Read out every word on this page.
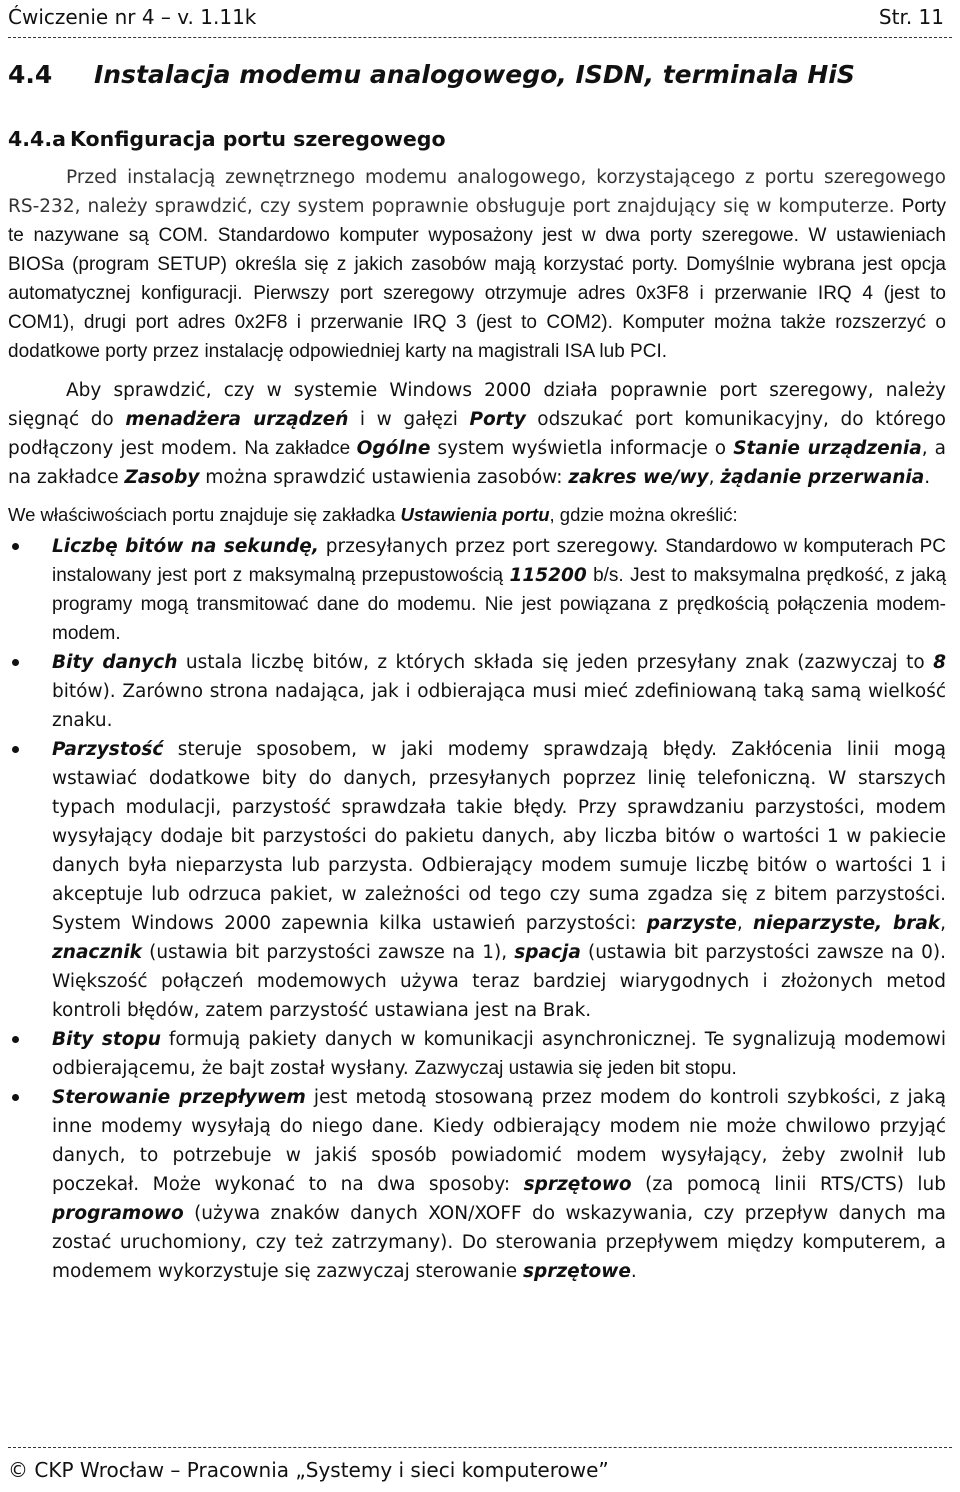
Ćwiczenie nr 4 – v. 1.11k	Str. 11
4.4 Instalacja modemu analogowego, ISDN, terminala HiS
4.4.a Konfiguracja portu szeregowego

Przed instalacją zewnętrznego modemu analogowego, korzystającego z portu szeregowego RS-232, należy sprawdzić, czy system poprawnie obsługuje port znajdujący się w komputerze. Porty te nazywane są COM. Standardowo komputer wyposażony jest w dwa porty szeregowe. W ustawieniach BIOSa (program SETUP) określa się z jakich zasobów mają korzystać porty. Domyślnie wybrana jest opcja automatycznej konfiguracji. Pierwszy port szeregowy otrzymuje adres 0x3F8 i przerwanie IRQ 4 (jest to COM1), drugi port adres 0x2F8 i przerwanie IRQ 3 (jest to COM2). Komputer można także rozszerzyć o dodatkowe porty przez instalację odpowiedniej karty na magistrali ISA lub PCI.

Aby sprawdzić, czy w systemie Windows 2000 działa poprawnie port szeregowy, należy sięgnąć do menadżera urządzeń i w gałęzi Porty odszukać port komunikacyjny, do którego podłączony jest modem. Na zakładce Ogólne system wyświetla informacje o Stanie urządzenia, a na zakładce Zasoby można sprawdzić ustawienia zasobów: zakres we/wy, żądanie przerwania.

We właściwościach portu znajduje się zakładka Ustawienia portu, gdzie można określić:

Liczbę bitów na sekundę, przesyłanych przez port szeregowy. Standardowo w komputerach PC instalowany jest port z maksymalną przepustowością 115200 b/s. Jest to maksymalna prędkość, z jaką programy mogą transmitować dane do modemu. Nie jest powiązana z prędkością połączenia modem-modem.
Bity danych ustala liczbę bitów, z których składa się jeden przesyłany znak (zazwyczaj to 8 bitów). Zarówno strona nadająca, jak i odbierająca musi mieć zdefiniowaną taką samą wielkość znaku.
Parzystość steruje sposobem, w jaki modemy sprawdzają błędy. Zakłócenia linii mogą wstawiać dodatkowe bity do danych, przesyłanych poprzez linię telefoniczną. W starszych typach modulacji, parzystość sprawdzała takie błędy. Przy sprawdzaniu parzystości, modem wysyłający dodaje bit parzystości do pakietu danych, aby liczba bitów o wartości 1 w pakiecie danych była nieparzysta lub parzysta. Odbierający modem sumuje liczbę bitów o wartości 1 i akceptuje lub odrzuca pakiet, w zależności od tego czy suma zgadza się z bitem parzystości. System Windows 2000 zapewnia kilka ustawień parzystości: parzyste, nieparzyste, brak, znacznik (ustawia bit parzystości zawsze na 1), spacja (ustawia bit parzystości zawsze na 0). Większość połączeń modemowych używa teraz bardziej wiarygodnych i złożonych metod kontroli błędów, zatem parzystość ustawiana jest na Brak.
Bity stopu formują pakiety danych w komunikacji asynchronicznej. Te sygnalizują modemowi odbierającemu, że bajt został wysłany. Zazwyczaj ustawia się jeden bit stopu.
Sterowanie przepływem jest metodą stosowaną przez modem do kontroli szybkości, z jaką inne modemy wysyłają do niego dane. Kiedy odbierający modem nie może chwilowo przyjąć danych, to potrzebuje w jakiś sposób powiadomić modem wysyłający, żeby zwolnił lub poczekał. Może wykonać to na dwa sposoby: sprzętowo (za pomocą linii RTS/CTS) lub programowo (używa znaków danych XON/XOFF do wskazywania, czy przepływ danych ma zostać uruchomiony, czy też zatrzymany). Do sterowania przepływem między komputerem, a modemem wykorzystuje się zazwyczaj sterowanie sprzętowe.
© CKP Wrocław – Pracownia „Systemy i sieci komputerowe”
